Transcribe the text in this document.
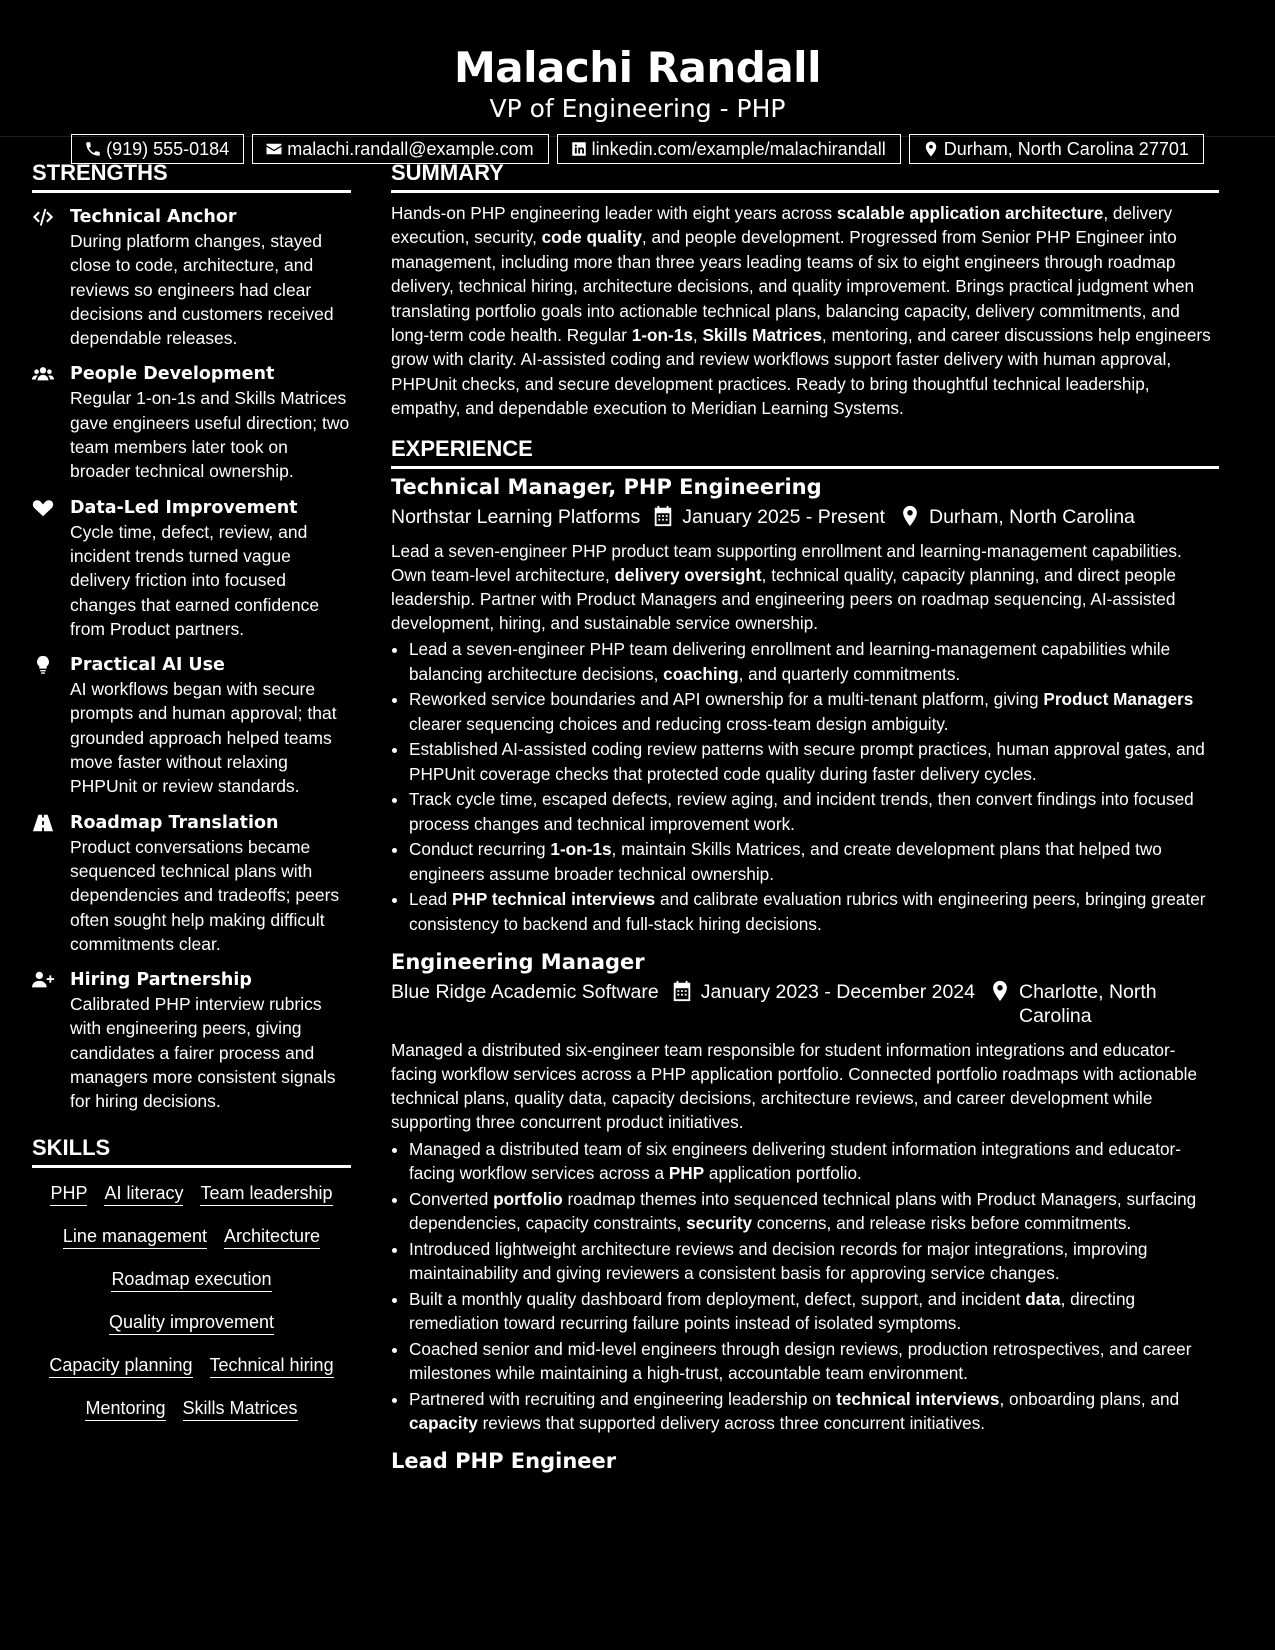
Malachi Randall
VP of Engineering - PHP
(919) 555-0184	malachi.randall@example.com	linkedin.com/example/malachirandall	Durham, North Carolina 27701
STRENGTHS
Technical Anchor
During platform changes, stayed close to code, architecture, and reviews so engineers had clear decisions and customers received dependable releases.
People Development
Regular 1-on-1s and Skills Matrices gave engineers useful direction; two team members later took on broader technical ownership.
Data-Led Improvement
Cycle time, defect, review, and incident trends turned vague delivery friction into focused changes that earned confidence from Product partners.
Practical AI Use
AI workflows began with secure prompts and human approval; that grounded approach helped teams move faster without relaxing PHPUnit or review standards.
Roadmap Translation
Product conversations became sequenced technical plans with dependencies and tradeoffs; peers often sought help making difficult commitments clear.
Hiring Partnership
Calibrated PHP interview rubrics with engineering peers, giving candidates a fairer process and managers more consistent signals for hiring decisions.
SKILLS
PHP AI literacy Team leadership
Line management Architecture
Roadmap execution
Quality improvement
Capacity planning Technical hiring
Mentoring Skills Matrices
SUMMARY
Hands-on PHP engineering leader with eight years across scalable application architecture, delivery execution, security, code quality, and people development. Progressed from Senior PHP Engineer into management, including more than three years leading teams of six to eight engineers through roadmap delivery, technical hiring, architecture decisions, and quality improvement. Brings practical judgment when translating portfolio goals into actionable technical plans, balancing capacity, delivery commitments, and long-term code health. Regular 1-on-1s, Skills Matrices, mentoring, and career discussions help engineers grow with clarity. AI-assisted coding and review workflows support faster delivery with human approval, PHPUnit checks, and secure development practices. Ready to bring thoughtful technical leadership, empathy, and dependable execution to Meridian Learning Systems.
EXPERIENCE
Technical Manager, PHP Engineering
Northstar Learning Platforms January 2025 - Present Durham, North Carolina
Lead a seven-engineer PHP product team supporting enrollment and learning-management capabilities. Own team-level architecture, delivery oversight, technical quality, capacity planning, and direct people leadership. Partner with Product Managers and engineering peers on roadmap sequencing, AI-assisted development, hiring, and sustainable service ownership.
• Lead a seven-engineer PHP team delivering enrollment and learning-management capabilities while balancing architecture decisions, coaching, and quarterly commitments.
• Reworked service boundaries and API ownership for a multi-tenant platform, giving Product Managers clearer sequencing choices and reducing cross-team design ambiguity.
• Established AI-assisted coding review patterns with secure prompt practices, human approval gates, and PHPUnit coverage checks that protected code quality during faster delivery cycles.
• Track cycle time, escaped defects, review aging, and incident trends, then convert findings into focused process changes and technical improvement work.
• Conduct recurring 1-on-1s, maintain Skills Matrices, and create development plans that helped two engineers assume broader technical ownership.
• Lead PHP technical interviews and calibrate evaluation rubrics with engineering peers, bringing greater consistency to backend and full-stack hiring decisions.
Engineering Manager
Blue Ridge Academic Software January 2023 - December 2024 Charlotte, North Carolina
Managed a distributed six-engineer team responsible for student information integrations and educator-facing workflow services across a PHP application portfolio. Connected portfolio roadmaps with actionable technical plans, quality data, capacity decisions, architecture reviews, and career development while supporting three concurrent product initiatives.
• Managed a distributed team of six engineers delivering student information integrations and educator-facing workflow services across a PHP application portfolio.
• Converted portfolio roadmap themes into sequenced technical plans with Product Managers, surfacing dependencies, capacity constraints, security concerns, and release risks before commitments.
• Introduced lightweight architecture reviews and decision records for major integrations, improving maintainability and giving reviewers a consistent basis for approving service changes.
• Built a monthly quality dashboard from deployment, defect, support, and incident data, directing remediation toward recurring failure points instead of isolated symptoms.
• Coached senior and mid-level engineers through design reviews, production retrospectives, and career milestones while maintaining a high-trust, accountable team environment.
• Partnered with recruiting and engineering leadership on technical interviews, onboarding plans, and capacity reviews that supported delivery across three concurrent initiatives.
Lead PHP Engineer
